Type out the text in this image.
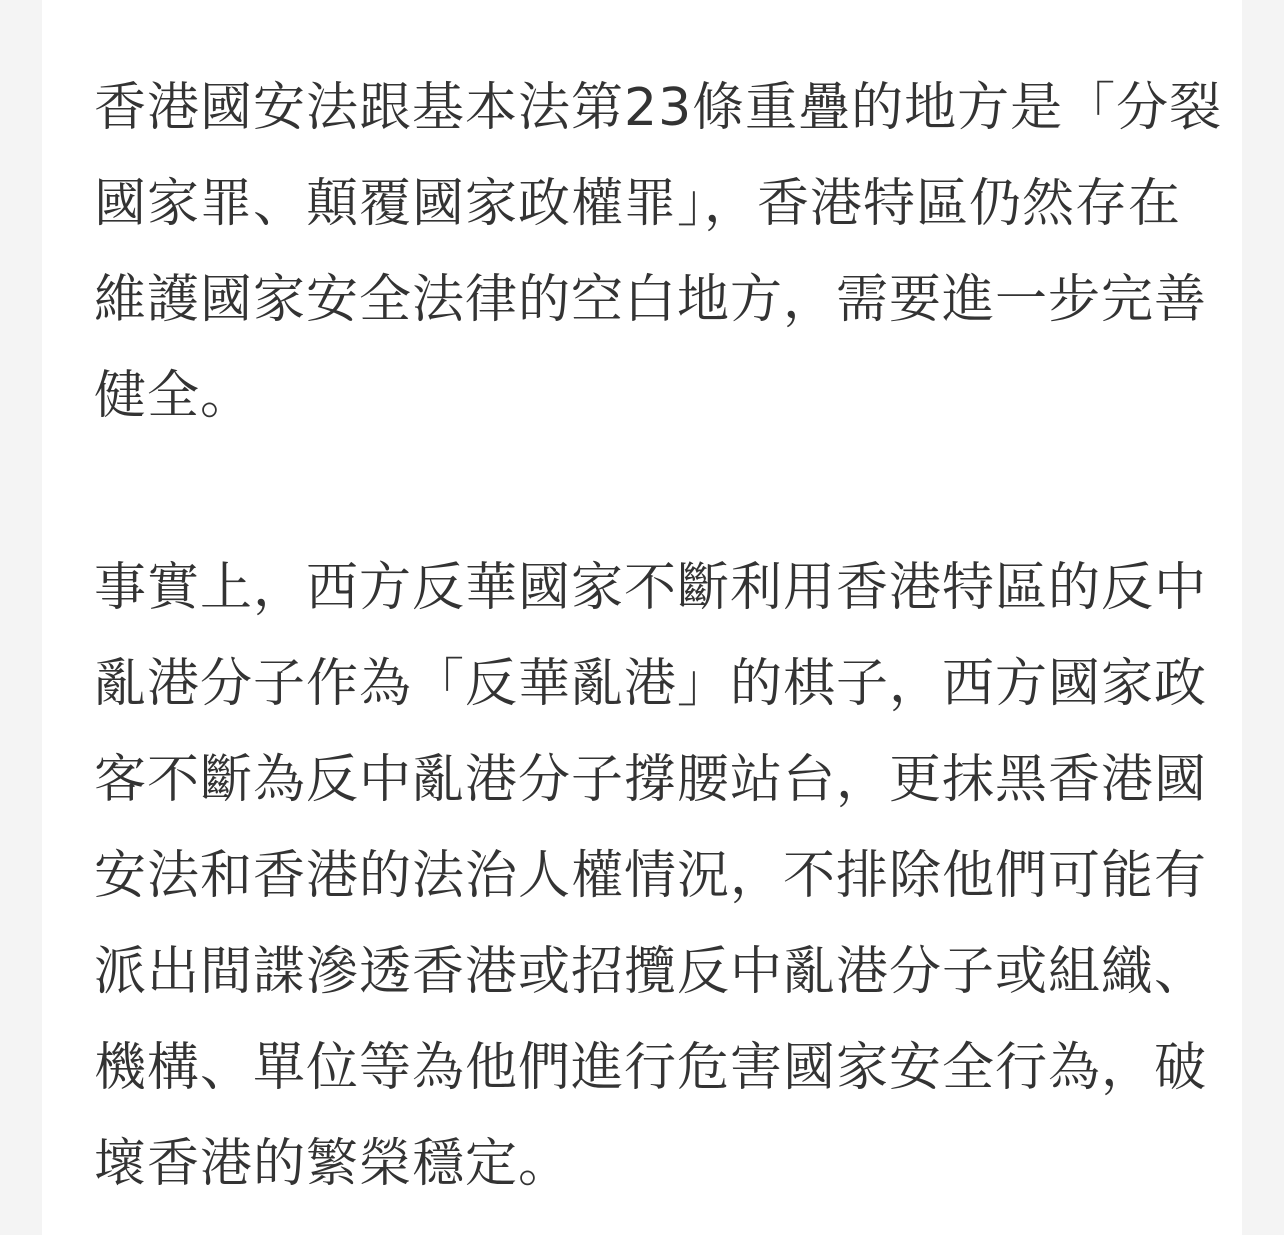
香港國安法跟基本法第23條重疊的地方是「分裂
國家罪、顛覆國家政權罪」，香港特區仍然存在
維護國家安全法律的空白地方，需要進一步完善
健全。

事實上，西方反華國家不斷利用香港特區的反中
亂港分子作為「反華亂港」的棋子，西方國家政
客不斷為反中亂港分子撐腰站台，更抹黑香港國
安法和香港的法治人權情況，不排除他們可能有
派出間諜滲透香港或招攬反中亂港分子或組織、
機構、單位等為他們進行危害國家安全行為，破
壞香港的繁榮穩定。
